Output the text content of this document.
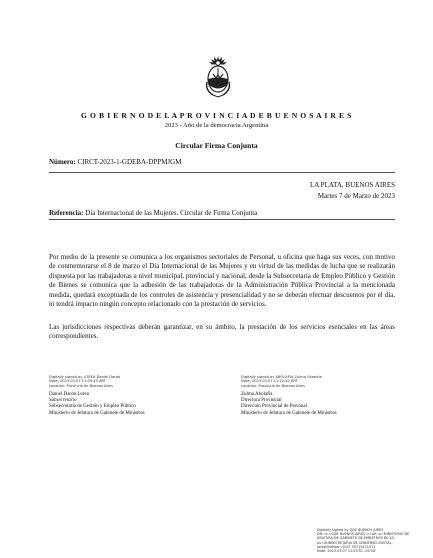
G O B I E R N O D E L A P R O V I N C I A D E B U E N O S A I R E S
2023 - Año de la democracia Argentina
Circular Firma Conjunta
Número: CIRCT-2023-1-GDEBA-DPPMJGM
LA PLATA, BUENOS AIRES
Martes 7 de Marzo de 2023
Referencia: Día Internacional de las Mujeres. Circular de Firma Conjunta
Por medio de la presente se comunica a los organismos sectoriales de Personal, u oficina que haga sus veces, con motivo de conmemorarse el 8 de marzo el Día Internacional de las Mujeres y en virtud de las medidas de lucha que se realizarán dispuesta por las trabajadoras a nivel municipal, provincial y nacional, desde la Subsecretaría de Empleo Público y Gestión de Bienes se comunica que la adhesión de las trabajadoras de la Administración Pública Provincial a la mencionada medida, quedará exceptuada de los controles de asistencia y presencialidad y no se deberán efectuar descuentos por el día, ni tendrá impacto ningún concepto relacionado con la prestación de servicios.
Las jurisdicciones respectivas deberán garantizar, en su ámbito, la prestación de los servicios esenciales en las áreas correspondientes.
Digitally signed by LOREA Daniel Dardo
Date: 2023.03.07 11:09:43 ART
Location: Provincia de Buenos Aires
Daniel Dardo Lorea
Subsecretario
Subsecretaría de Gestión y Empleo Público
Ministerio de Jefatura de Gabinete de Ministros
Digitally signed by ABOLAFIA Zulma Grasiela
Date: 2023.03.07 11:22:40 ART
Location: Provincia de Buenos Aires
Zulma Abolafia
Directora Provincial
Dirección Provincial de Personal
Ministerio de Jefatura de Gabinete de Ministros
Digitally signed by GDE BUENOS AIRES
DN: cn=GDE BUENOS AIRES, c=AR, o=MINISTERIO DE
JEFATURA DE GABINETE DE MINISTROS BS AS,
ou=SUBSECRETARIA DE GOBIERNO DIGITAL,
serialNumber=CUIT 30715471511
Date: 2023.03.07 11:23:51 -03'00'
